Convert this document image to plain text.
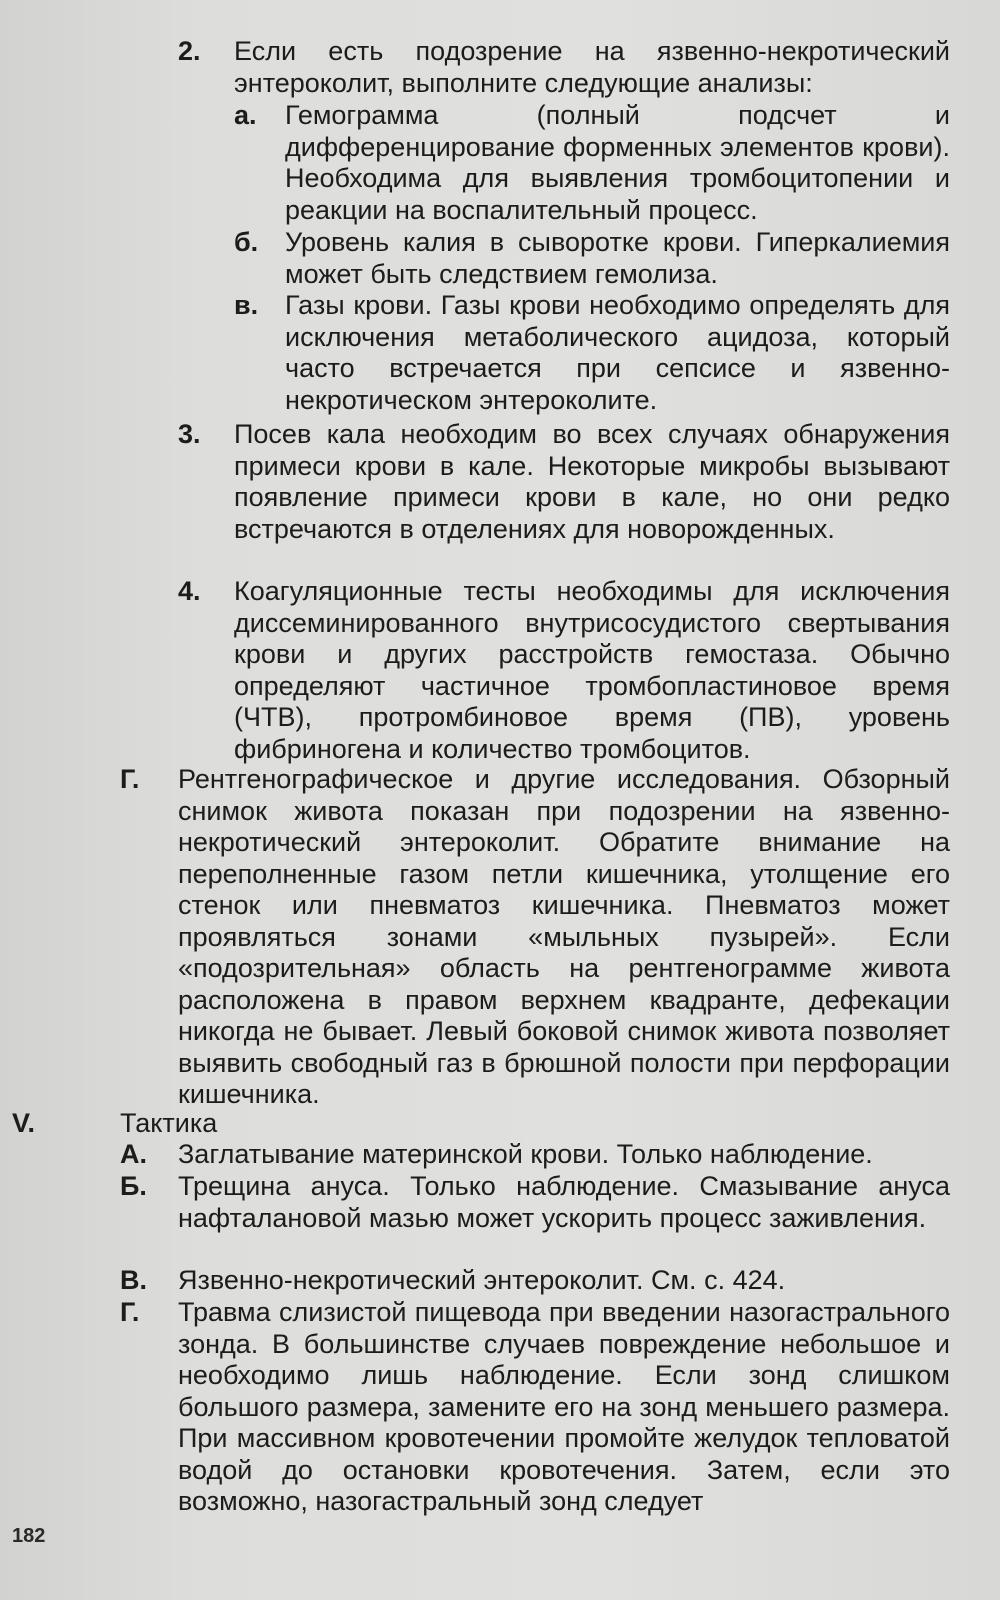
2. Если есть подозрение на язвенно-некротический энтероколит, выполните следующие анализы:
а. Гемограмма (полный подсчет и дифференцирование форменных элементов крови). Необходима для выявления тромбоцитопении и реакции на воспалительный процесс.
б. Уровень калия в сыворотке крови. Гиперкалиемия может быть следствием гемолиза.
в. Газы крови. Газы крови необходимо определять для исключения метаболического ацидоза, который часто встречается при сепсисе и язвенно-некротическом энтероколите.
3. Посев кала необходим во всех случаях обнаружения примеси крови в кале. Некоторые микробы вызывают появление примеси крови в кале, но они редко встречаются в отделениях для новорожденных.
4. Коагуляционные тесты необходимы для исключения диссеминированного внутрисосудистого свертывания крови и других расстройств гемостаза. Обычно определяют частичное тромбопластиновое время (ЧТВ), протромбиновое время (ПВ), уровень фибриногена и количество тромбоцитов.
Г. Рентгенографическое и другие исследования. Обзорный снимок живота показан при подозрении на язвенно-некротический энтероколит. Обратите внимание на переполненные газом петли кишечника, утолщение его стенок или пневматоз кишечника. Пневматоз может проявляться зонами «мыльных пузырей». Если «подозрительная» область на рентгенограмме живота расположена в правом верхнем квадранте, дефекации никогда не бывает. Левый боковой снимок живота позволяет выявить свободный газ в брюшной полости при перфорации кишечника.
V.	Тактика
А. Заглатывание материнской крови. Только наблюдение.
Б. Трещина ануса. Только наблюдение. Смазывание ануса нафталановой мазью может ускорить процесс заживления.
В. Язвенно-некротический энтероколит. См. с. 424.
Г. Травма слизистой пищевода при введении назогастрального зонда. В большинстве случаев повреждение небольшое и необходимо лишь наблюдение. Если зонд слишком большого размера, замените его на зонд меньшего размера. При массивном кровотечении промойте желудок тепловатой водой до остановки кровотечения. Затем, если это возможно, назогастральный зонд следует
182
